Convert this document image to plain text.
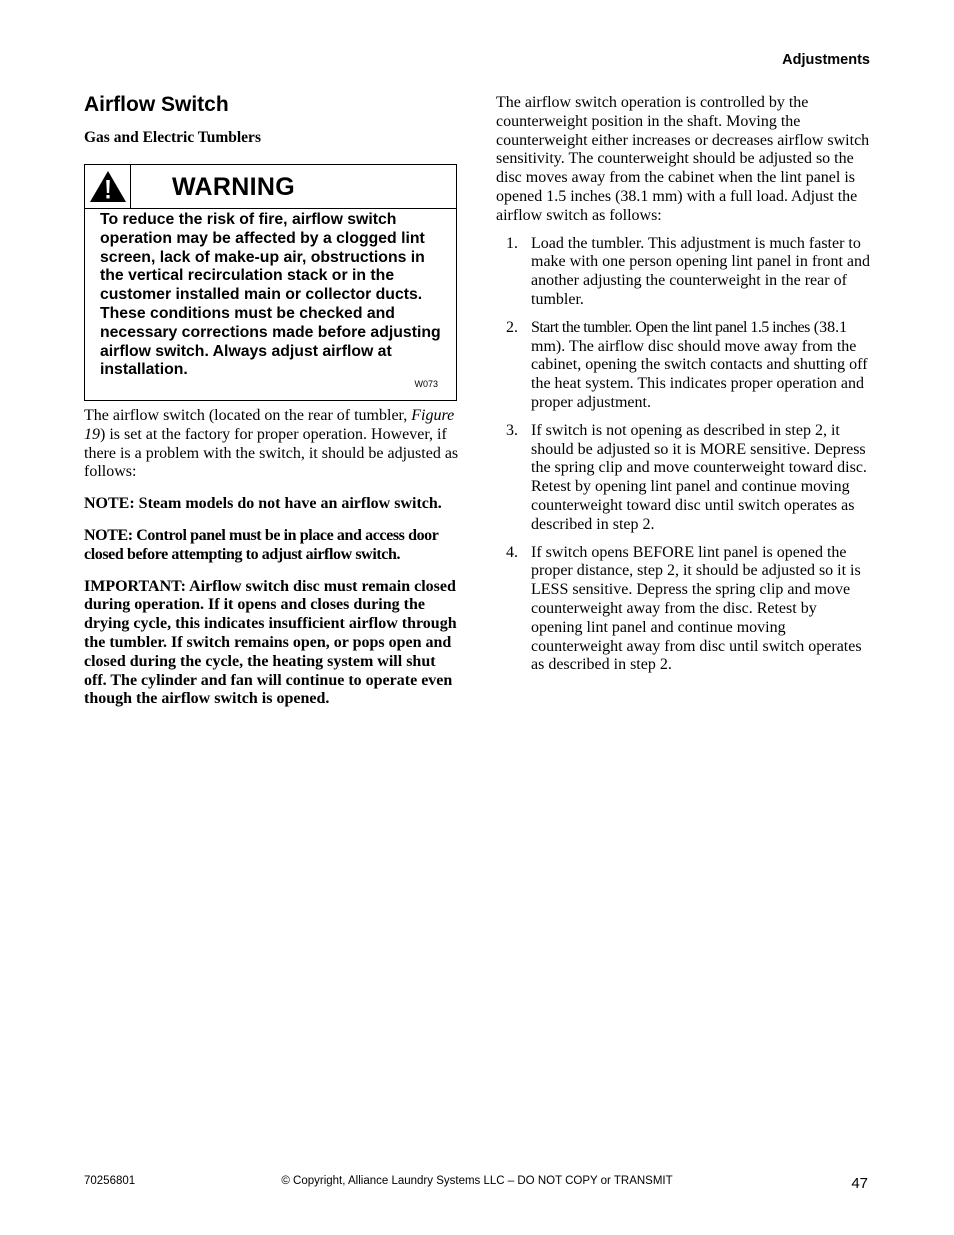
Adjustments
Airflow Switch
Gas and Electric Tumblers
WARNING
To reduce the risk of fire, airflow switch operation may be affected by a clogged lint screen, lack of make-up air, obstructions in the vertical recirculation stack or in the customer installed main or collector ducts. These conditions must be checked and necessary corrections made before adjusting airflow switch. Always adjust airflow at installation.
W073

The airflow switch (located on the rear of tumbler, Figure 19) is set at the factory for proper operation. However, if there is a problem with the switch, it should be adjusted as follows:

NOTE: Steam models do not have an airflow switch.

NOTE: Control panel must be in place and access door closed before attempting to adjust airflow switch.

IMPORTANT: Airflow switch disc must remain closed during operation. If it opens and closes during the drying cycle, this indicates insufficient airflow through the tumbler. If switch remains open, or pops open and closed during the cycle, the heating system will shut off. The cylinder and fan will continue to operate even though the airflow switch is opened.

The airflow switch operation is controlled by the counterweight position in the shaft. Moving the counterweight either increases or decreases airflow switch sensitivity. The counterweight should be adjusted so the disc moves away from the cabinet when the lint panel is opened 1.5 inches (38.1 mm) with a full load. Adjust the airflow switch as follows:

1. Load the tumbler. This adjustment is much faster to make with one person opening lint panel in front and another adjusting the counterweight in the rear of tumbler.
2. Start the tumbler. Open the lint panel 1.5 inches (38.1 mm). The airflow disc should move away from the cabinet, opening the switch contacts and shutting off the heat system. This indicates proper operation and proper adjustment.
3. If switch is not opening as described in step 2, it should be adjusted so it is MORE sensitive. Depress the spring clip and move counterweight toward disc. Retest by opening lint panel and continue moving counterweight toward disc until switch operates as described in step 2.
4. If switch opens BEFORE lint panel is opened the proper distance, step 2, it should be adjusted so it is LESS sensitive. Depress the spring clip and move counterweight away from the disc. Retest by opening lint panel and continue moving counterweight away from disc until switch operates as described in step 2.
70256801	© Copyright, Alliance Laundry Systems LLC – DO NOT COPY or TRANSMIT	47
